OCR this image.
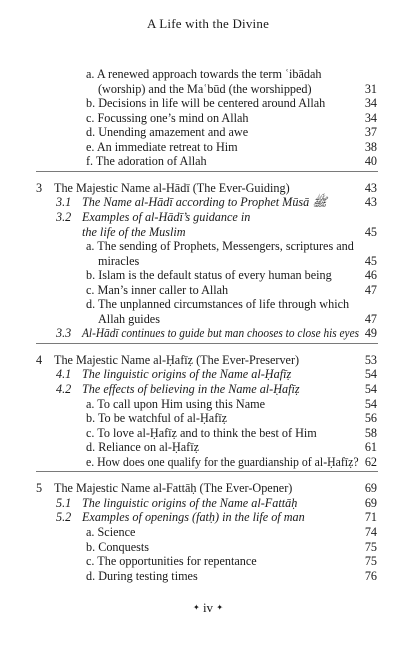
A Life with the Divine
a. A renewed approach towards the term ʿibādah
(worship) and the Maʿbūd (the worshipped)	31
b. Decisions in life will be centered around Allah	34
c. Focussing one’s mind on Allah	34
d. Unending amazement and awe	37
e. An immediate retreat to Him	38
f. The adoration of Allah	40
3 The Majestic Name al-Hādī (The Ever-Guiding)	43
3.1 The Name al-Hādī according to Prophet Mūsā ﷺ	43
3.2 Examples of al-Hādī’s guidance in
the life of the Muslim	45
a. The sending of Prophets, Messengers, scriptures and
miracles	45
b. Islam is the default status of every human being	46
c. Man’s inner caller to Allah	47
d. The unplanned circumstances of life through which
Allah guides	47
3.3 Al-Hādī continues to guide but man chooses to close his eyes 49
4 The Majestic Name al-Ḥafīẓ (The Ever-Preserver)	53
4.1 The linguistic origins of the Name al-Ḥafīẓ	54
4.2 The effects of believing in the Name al-Ḥafīẓ	54
a. To call upon Him using this Name	54
b. To be watchful of al-Ḥafīẓ	56
c. To love al-Ḥafīẓ and to think the best of Him	58
d. Reliance on al-Ḥafīẓ	61
e. How does one qualify for the guardianship of al-Ḥafīẓ? 62
5 The Majestic Name al-Fattāḥ (The Ever-Opener)	69
5.1 The linguistic origins of the Name al-Fattāḥ	69
5.2 Examples of openings (fatḥ) in the life of man	71
a. Science	74
b. Conquests	75
c. The opportunities for repentance	75
d. During testing times	76
✦ iv ✦
